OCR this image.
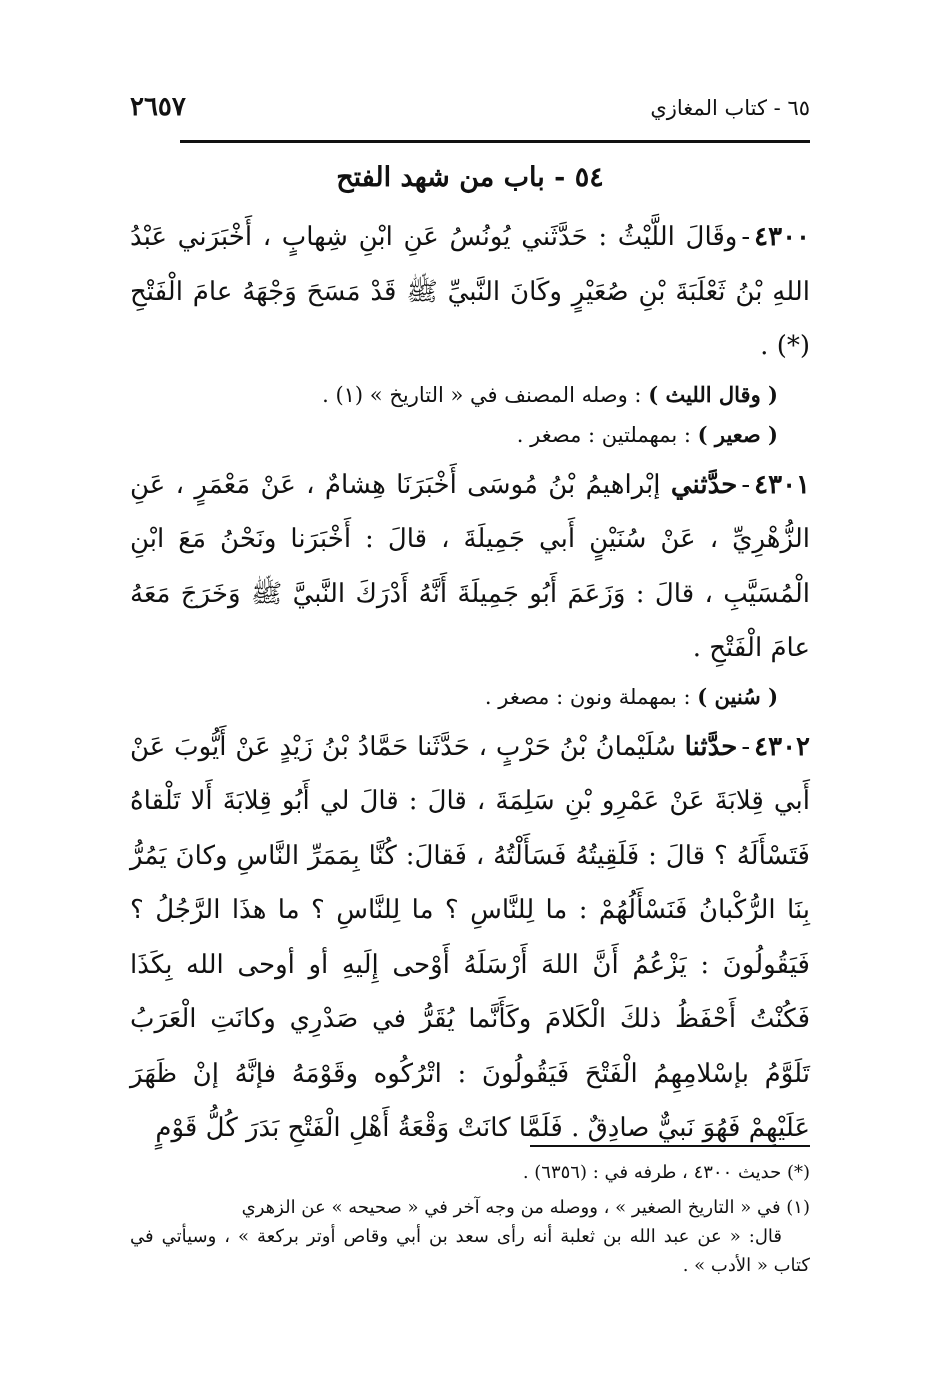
٦٥ - كتاب المغازي
٢٦٥٧
٥٤ - باب من شهد الفتح

٤٣٠٠-وقَالَ اللَّيْثُ : حَدَّثَني يُونُسُ عَنِ ابْنِ شِهابٍ ، أَخْبَرَني عَبْدُ اللهِ بْنُ ثَعْلَبَةَ بْنِ صُعَيْرٍ وكَانَ النَّبيِّ ﷺ قَدْ مَسَحَ وَجْهَهُ عامَ الْفَتْحِ (*) .

( وقال الليث ) : وصله المصنف في « التاريخ » (١) .

( صعير ) : بمهملتين : مصغر .

٤٣٠١-حدَّثني إبْراهيمُ بْنُ مُوسَى أَخْبَرَنَا هِشامٌ ، عَنْ مَعْمَرٍ ، عَنِ الزُّهْرِيِّ ، عَنْ سُنَيْنٍ أَبي جَمِيلَةَ ، قالَ : أَخْبَرَنا ونَحْنُ مَعَ ابْنِ الْمُسَيَّبِ ، قالَ : وَزَعَمَ أَبُو جَمِيلَةَ أَنَّهُ أَدْرَكَ النَّبيَّ ﷺ وَخَرَجَ مَعَهُ عامَ الْفَتْحِ .

( سُنين ) : بمهملة ونون : مصغر .

٤٣٠٢-حدَّثنا سُلَيْمانُ بْنُ حَرْبٍ ، حَدَّثَنا حَمَّادُ بْنُ زَيْدٍ عَنْ أَيُّوبَ عَنْ أَبي قِلابَةَ عَنْ عَمْرِو بْنِ سَلِمَةَ ، قالَ : قالَ لي أَبُو قِلابَةَ أَلا تَلْقاهُ فَتَسْأَلَهُ ؟ قالَ : فَلَقِيتُهُ فَسَأَلْتُهُ ، فَقالَ: كُنَّا بِمَمَرِّ النَّاسِ وكانَ يَمُرُّ بِنَا الرُّكْبانُ فَنَسْأَلُهُمْ : ما لِلنَّاسِ ؟ ما لِلنَّاسِ ؟ ما هذَا الرَّجُلُ ؟ فَيَقُولُونَ : يَزْعُمُ أَنَّ اللهَ أَرْسَلَهُ أَوْحى إِلَيهِ أو أوحى الله بِكَذَا فَكُنْتُ أَحْفَظُ ذلكَ الْكَلامَ وكَأَنَّما يُقَرُّ في صَدْرِي وكانَتِ الْعَرَبُ تَلَوَّمُ بإسْلامِهِمُ الْفَتْحَ فَيَقُولُونَ : اتْرُكُوه وقَوْمَهُ فإنَّهُ إنْ ظَهَرَ عَلَيْهِمْ فَهُوَ نَبيٌّ صادِقٌ . فَلَمَّا كانَتْ وَقْعَةُ أَهْلِ الْفَتْحِ بَدَرَ كُلُّ قَوْمٍ

(*) حديث ٤٣٠٠ ، طرفه في : (٦٣٥٦) .

(١) في « التاريخ الصغير » ، ووصله من وجه آخر في « صحيحه » عن الزهري
قال: « عن عبد الله بن ثعلبة أنه رأى سعد بن أبي وقاص أوتر بركعة » ، وسيأتي في كتاب « الأدب » .
